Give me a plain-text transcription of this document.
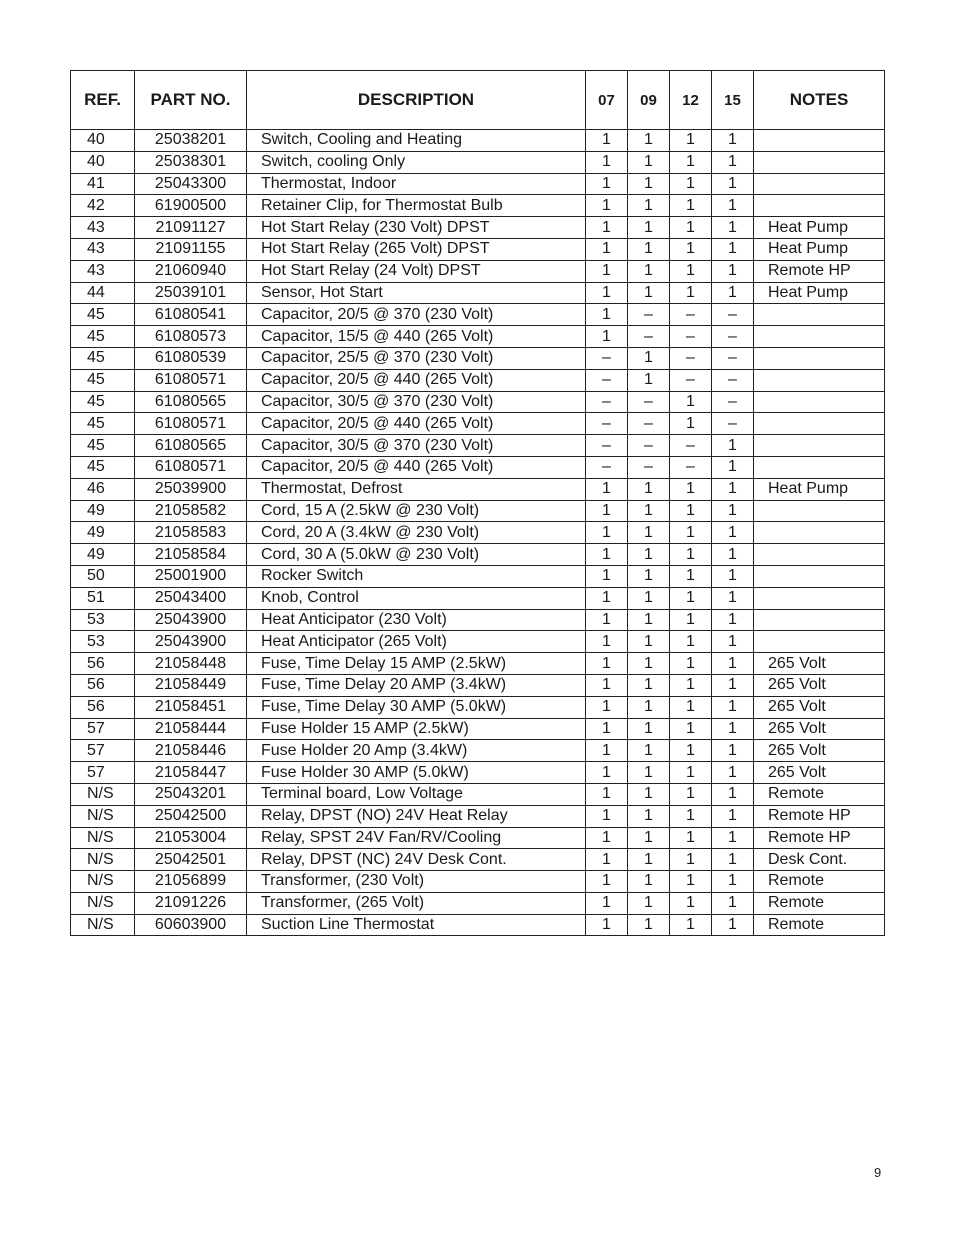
REF.	PART NO.	DESCRIPTION	07	09	12	15	NOTES
40	25038201	Switch, Cooling and Heating	1	1	1	1	
40	25038301	Switch, cooling Only	1	1	1	1	
41	25043300	Thermostat, Indoor	1	1	1	1	
42	61900500	Retainer Clip, for Thermostat Bulb	1	1	1	1	
43	21091127	Hot Start Relay (230 Volt) DPST	1	1	1	1	Heat Pump
43	21091155	Hot Start Relay (265 Volt) DPST	1	1	1	1	Heat Pump
43	21060940	Hot Start Relay (24 Volt) DPST	1	1	1	1	Remote HP
44	25039101	Sensor, Hot Start	1	1	1	1	Heat Pump
45	61080541	Capacitor, 20/5 @ 370 (230 Volt)	1	–	–	–	
45	61080573	Capacitor, 15/5 @ 440 (265 Volt)	1	–	–	–	
45	61080539	Capacitor, 25/5 @ 370 (230 Volt)	–	1	–	–	
45	61080571	Capacitor, 20/5 @ 440 (265 Volt)	–	1	–	–	
45	61080565	Capacitor, 30/5 @ 370 (230 Volt)	–	–	1	–	
45	61080571	Capacitor, 20/5 @ 440 (265 Volt)	–	–	1	–	
45	61080565	Capacitor, 30/5 @ 370 (230 Volt)	–	–	–	1	
45	61080571	Capacitor, 20/5 @ 440 (265 Volt)	–	–	–	1	
46	25039900	Thermostat, Defrost	1	1	1	1	Heat Pump
49	21058582	Cord, 15 A (2.5kW @ 230 Volt)	1	1	1	1	
49	21058583	Cord, 20 A (3.4kW @ 230 Volt)	1	1	1	1	
49	21058584	Cord, 30 A (5.0kW @ 230 Volt)	1	1	1	1	
50	25001900	Rocker Switch	1	1	1	1	
51	25043400	Knob, Control	1	1	1	1	
53	25043900	Heat Anticipator (230 Volt)	1	1	1	1	
53	25043900	Heat Anticipator (265 Volt)	1	1	1	1	
56	21058448	Fuse, Time Delay 15 AMP (2.5kW)	1	1	1	1	265 Volt
56	21058449	Fuse, Time Delay 20 AMP (3.4kW)	1	1	1	1	265 Volt
56	21058451	Fuse, Time Delay 30 AMP (5.0kW)	1	1	1	1	265 Volt
57	21058444	Fuse Holder 15 AMP (2.5kW)	1	1	1	1	265 Volt
57	21058446	Fuse Holder 20 Amp (3.4kW)	1	1	1	1	265 Volt
57	21058447	Fuse Holder 30 AMP (5.0kW)	1	1	1	1	265 Volt
N/S	25043201	Terminal board, Low Voltage	1	1	1	1	Remote
N/S	25042500	Relay, DPST (NO) 24V Heat Relay	1	1	1	1	Remote HP
N/S	21053004	Relay, SPST 24V Fan/RV/Cooling	1	1	1	1	Remote HP
N/S	25042501	Relay, DPST (NC) 24V Desk Cont.	1	1	1	1	Desk Cont.
N/S	21056899	Transformer, (230 Volt)	1	1	1	1	Remote
N/S	21091226	Transformer, (265 Volt)	1	1	1	1	Remote
N/S	60603900	Suction Line Thermostat	1	1	1	1	Remote
9
